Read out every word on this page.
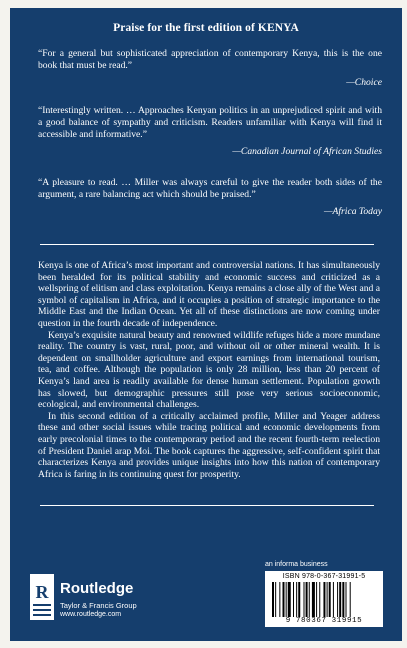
Praise for the first edition of KENYA
“For a general but sophisticated appreciation of contemporary Kenya, this is the one book that must be read.”
—Choice
“Interestingly written. … Approaches Kenyan politics in an unprejudiced spirit and with a good balance of sympathy and criticism. Readers unfamiliar with Kenya will find it accessible and informative.”
—Canadian Journal of African Studies
“A pleasure to read. … Miller was always careful to give the reader both sides of the argument, a rare balancing act which should be praised.”
—Africa Today

Kenya is one of Africa’s most important and controversial nations. It has simultaneously been heralded for its political stability and economic success and criticized as a wellspring of elitism and class exploitation. Kenya remains a close ally of the West and a symbol of capitalism in Africa, and it occupies a position of strategic importance to the Middle East and the Indian Ocean. Yet all of these distinctions are now coming under question in the fourth decade of independence.

Kenya’s exquisite natural beauty and renowned wildlife refuges hide a more mundane reality. The country is vast, rural, poor, and without oil or other mineral wealth. It is dependent on smallholder agriculture and export earnings from international tourism, tea, and coffee. Although the population is only 28 million, less than 20 percent of Kenya’s land area is readily available for dense human settlement. Population growth has slowed, but demographic pressures still pose very serious socioeconomic, ecological, and environmental challenges.

In this second edition of a critically acclaimed profile, Miller and Yeager address these and other social issues while tracing political and economic developments from early precolonial times to the contemporary period and the recent fourth-term reelection of President Daniel arap Moi. The book captures the aggressive, self-confident spirit that characterizes Kenya and provides unique insights into how this nation of contemporary Africa is faring in its continuing quest for prosperity.

R Routledge
Taylor & Francis Group
www.routledge.com
an informa business
ISBN 978-0-367-31991-5
9 780367 319915
